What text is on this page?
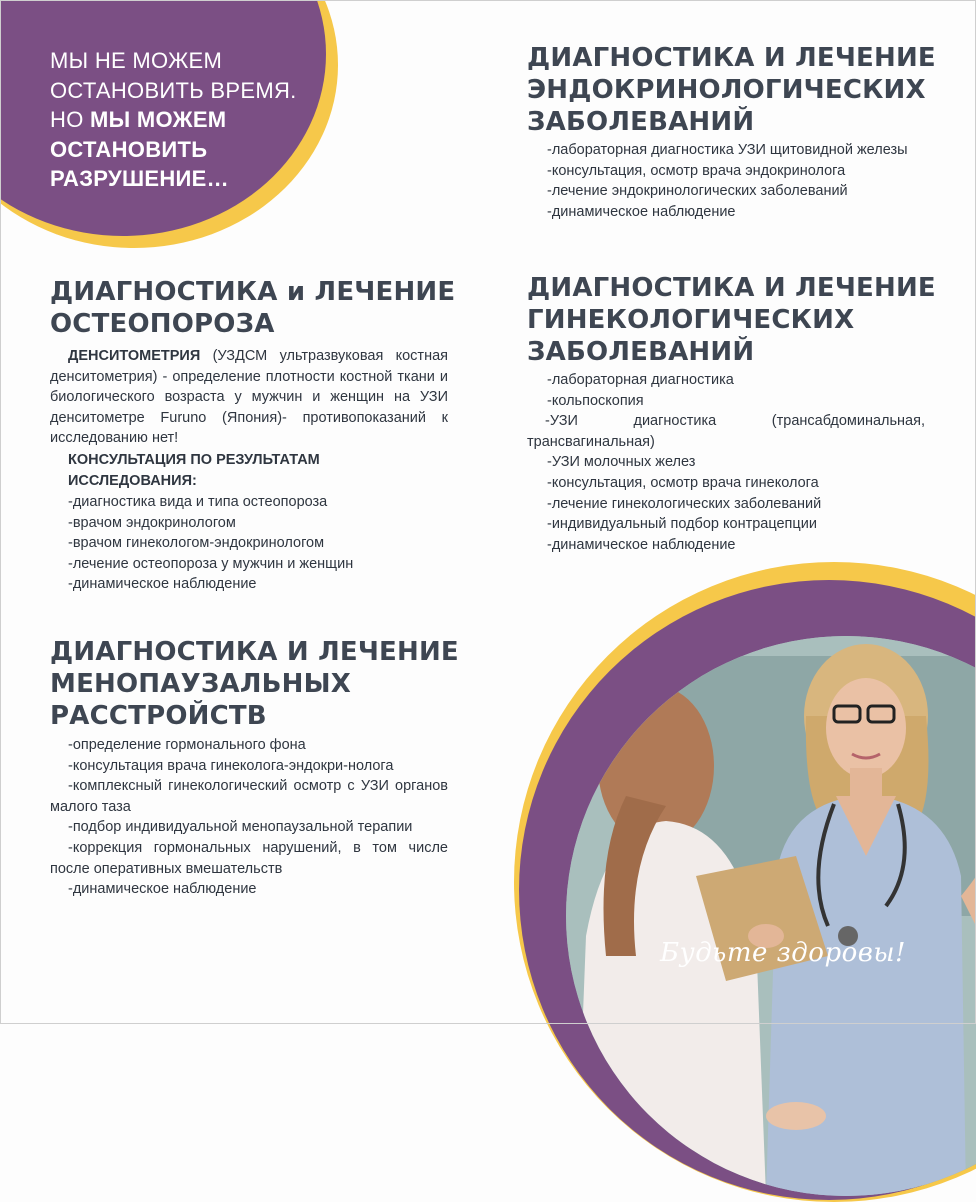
МЫ НЕ МОЖЕМ
ОСТАНОВИТЬ ВРЕМЯ.
НО МЫ МОЖЕМ
ОСТАНОВИТЬ
РАЗРУШЕНИЕ…
ДИАГНОСТИКА и ЛЕЧЕНИЕ
ОСТЕОПОРОЗА
ДЕНСИТОМЕТРИЯ (УЗДСМ ультразвуковая костная денситометрия) - определение плотности костной ткани и биологического возраста у мужчин и женщин на УЗИ денситометре Furuno (Япония)- противопоказаний к исследованию нет!
КОНСУЛЬТАЦИЯ ПО РЕЗУЛЬТАТАМ
ИССЛЕДОВАНИЯ:
-диагностика вида и типа остеопороза
-врачом эндокринологом
-врачом гинекологом-эндокринологом
-лечение остеопороза у мужчин и женщин
-динамическое наблюдение
ДИАГНОСТИКА И ЛЕЧЕНИЕ
МЕНОПАУЗАЛЬНЫХ
РАССТРОЙСТВ
-определение гормонального фона
-консультация врача гинеколога-эндокри-нолога
-комплексный гинекологический осмотр с УЗИ органов малого таза
-подбор индивидуальной менопаузальной терапии
-коррекция гормональных нарушений, в том числе после оперативных вмешательств
-динамическое наблюдение
ДИАГНОСТИКА И ЛЕЧЕНИЕ
ЭНДОКРИНОЛОГИЧЕСКИХ
ЗАБОЛЕВАНИЙ
-лабораторная диагностика УЗИ щитовидной железы
-консультация, осмотр врача эндокринолога
-лечение эндокринологических заболеваний
-динамическое наблюдение
ДИАГНОСТИКА И ЛЕЧЕНИЕ
ГИНЕКОЛОГИЧЕСКИХ
ЗАБОЛЕВАНИЙ
-лабораторная диагностика
-кольпоскопия
-УЗИ диагностика (трансабдоминальная, трансвагинальная)
-УЗИ молочных желез
-консультация, осмотр врача гинеколога
-лечение гинекологических заболеваний
-индивидуальный подбор контрацепции
-динамическое наблюдение
Будьте здоровы!
